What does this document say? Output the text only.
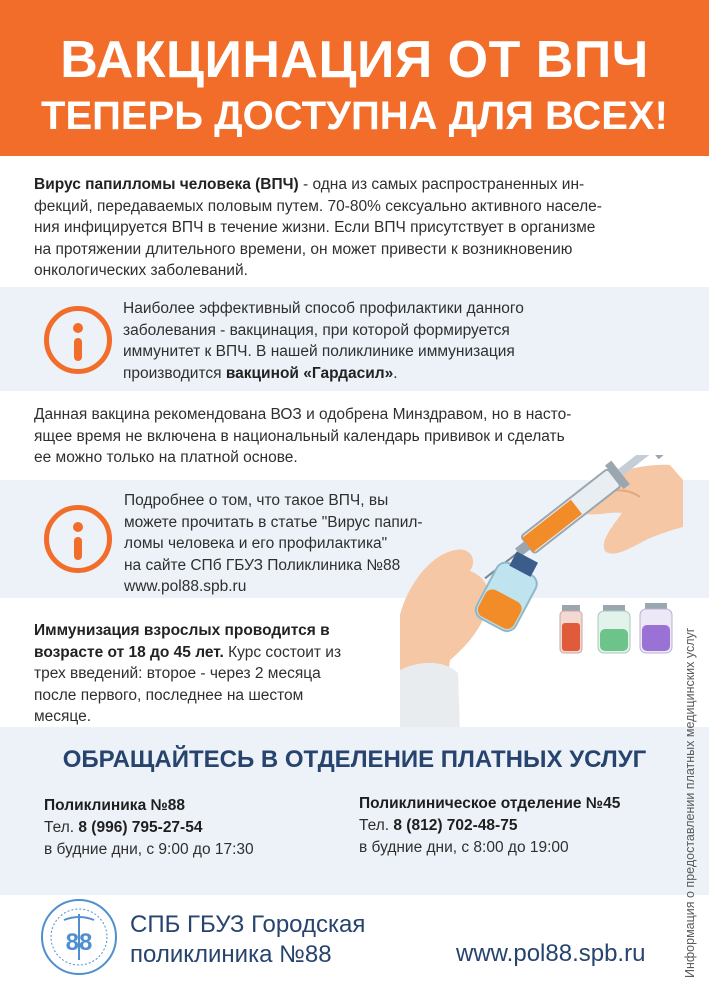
ВАКЦИНАЦИЯ ОТ ВПЧ
ТЕПЕРЬ ДОСТУПНА ДЛЯ ВСЕХ!
Вирус папилломы человека (ВПЧ) - одна из самых распространенных ин-
фекций, передаваемых половым путем. 70-80% сексуально активного населе-
ния инфицируется ВПЧ в течение жизни. Если ВПЧ присутствует в организме
на протяжении длительного времени, он может привести к возникновению
онкологических заболеваний.
Наиболее эффективный способ профилактики данного
заболевания - вакцинация, при которой формируется
иммунитет к ВПЧ. В нашей поликлинике иммунизация
производится вакциной «Гардасил».
Данная вакцина рекомендована ВОЗ и одобрена Минздравом, но в насто-
ящее время не включена в национальный календарь прививок и сделать
ее можно только на платной основе.
Подробнее о том, что такое ВПЧ, вы
можете прочитать в статье "Вирус папил-
ломы человека и его профилактика"
на сайте СПб ГБУЗ Поликлиника №88
www.pol88.spb.ru
Иммунизация взрослых проводится в
возрасте от 18 до 45 лет. Курс состоит из
трех введений: второе - через 2 месяца
после первого, последнее на шестом
месяце.
ОБРАЩАЙТЕСЬ В ОТДЕЛЕНИЕ ПЛАТНЫХ УСЛУГ
Поликлиника №88
Тел. 8 (996) 795-27-54
в будние дни, с 9:00 до 17:30
Поликлиническое отделение №45
Тел. 8 (812) 702-48-75
в будние дни, с 8:00 до 19:00
88
СПБ ГБУЗ Городская
поликлиника №88	www.pol88.spb.ru	Информация о предоставлении платных медицинских услуг
